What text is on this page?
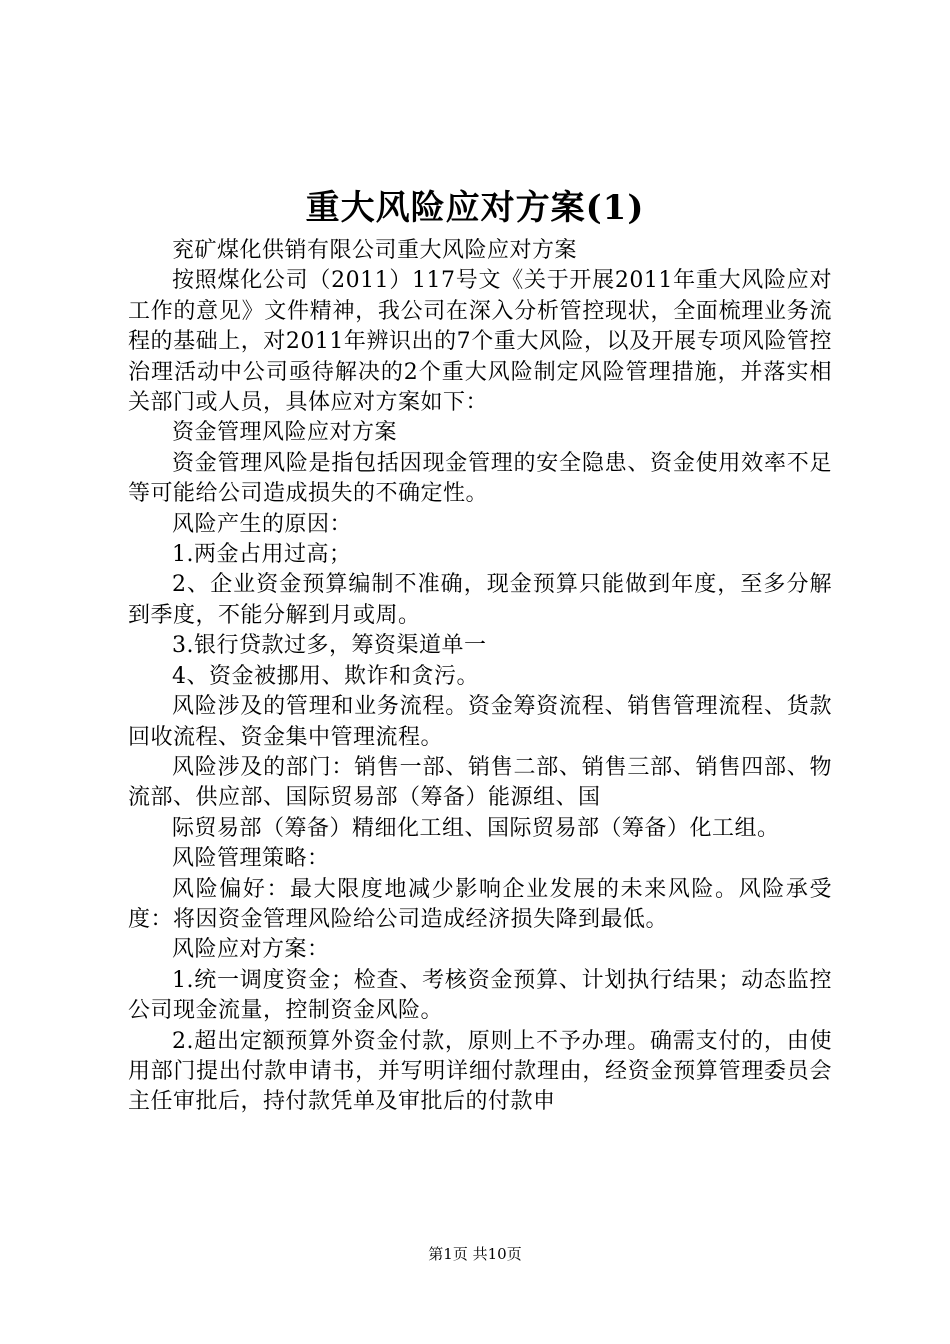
重大风险应对方案(1)

兖矿煤化供销有限公司重大风险应对方案

按照煤化公司（2011）117号文《关于开展2011年重大风险应对工作的意见》文件精神，我公司在深入分析管控现状，全面梳理业务流程的基础上，对2011年辨识出的7个重大风险，以及开展专项风险管控治理活动中公司亟待解决的2个重大风险制定风险管理措施，并落实相关部门或人员，具体应对方案如下：

资金管理风险应对方案

资金管理风险是指包括因现金管理的安全隐患、资金使用效率不足等可能给公司造成损失的不确定性。

风险产生的原因：

1.两金占用过高；

2、企业资金预算编制不准确，现金预算只能做到年度，至多分解到季度，不能分解到月或周。

3.银行贷款过多，筹资渠道单一

4、资金被挪用、欺诈和贪污。

风险涉及的管理和业务流程。资金筹资流程、销售管理流程、货款回收流程、资金集中管理流程。

风险涉及的部门：销售一部、销售二部、销售三部、销售四部、物流部、供应部、国际贸易部（筹备）能源组、国

际贸易部（筹备）精细化工组、国际贸易部（筹备）化工组。

风险管理策略：

风险偏好：最大限度地减少影响企业发展的未来风险。风险承受度：将因资金管理风险给公司造成经济损失降到最低。

风险应对方案：

1.统一调度资金；检查、考核资金预算、计划执行结果；动态监控公司现金流量，控制资金风险。

2.超出定额预算外资金付款，原则上不予办理。确需支付的，由使用部门提出付款申请书，并写明详细付款理由，经资金预算管理委员会主任审批后，持付款凭单及审批后的付款申

第1页 共10页
